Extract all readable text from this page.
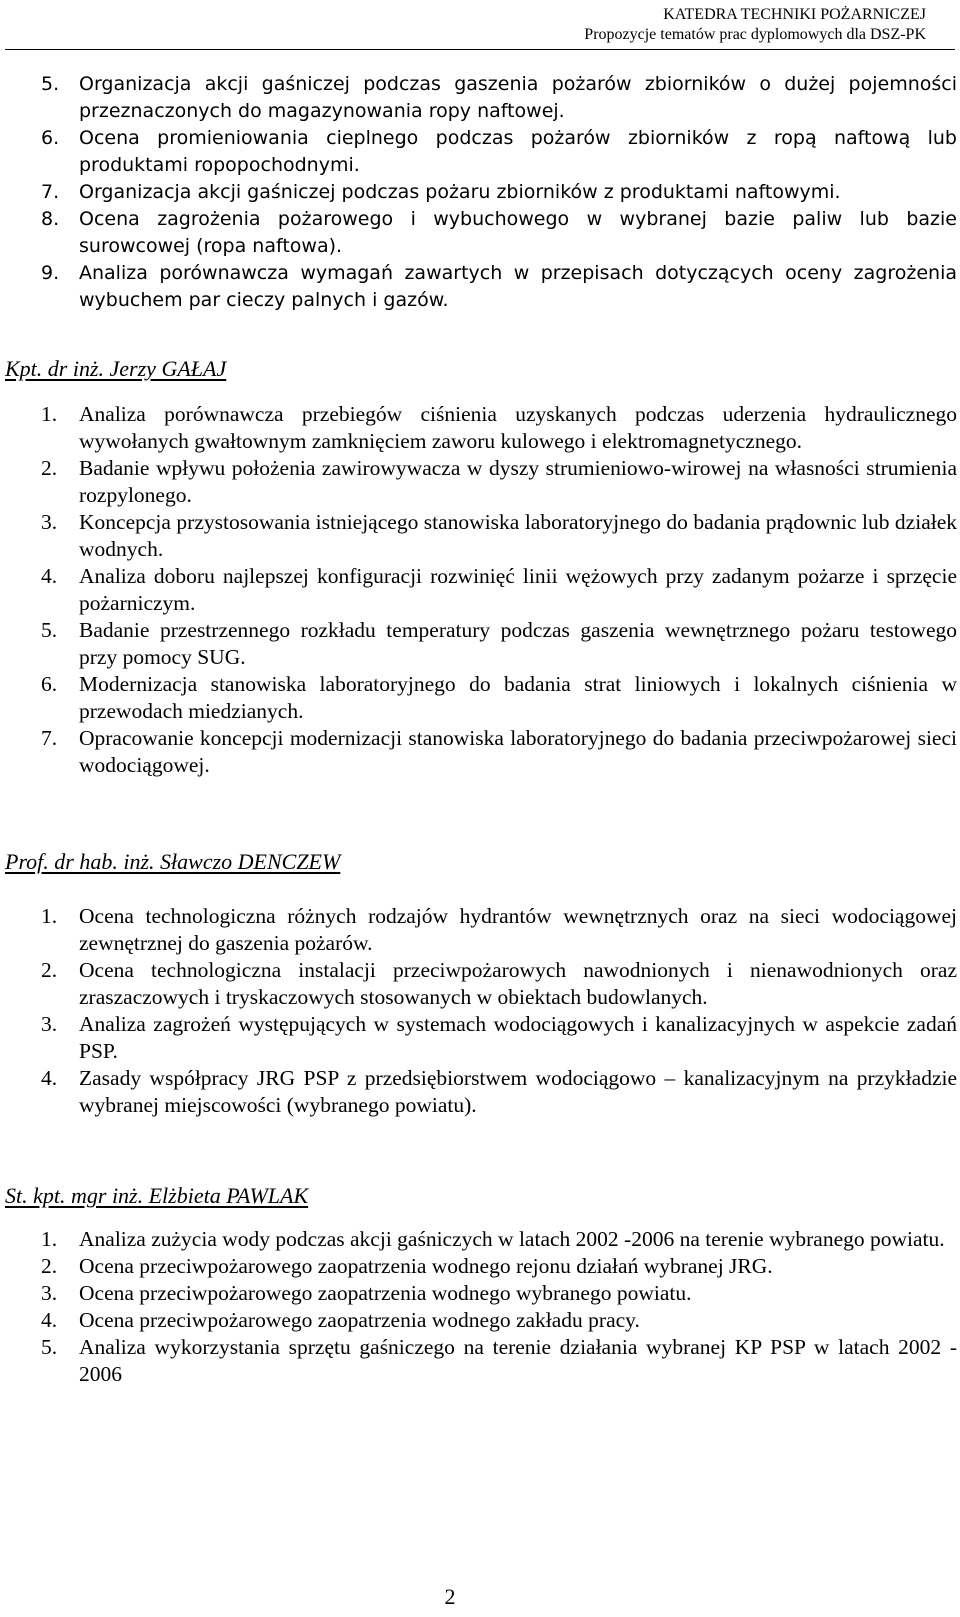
KATEDRA TECHNIKI POŻARNICZEJ
Propozycje tematów prac dyplomowych dla DSZ-PK
5. Organizacja akcji gaśniczej podczas gaszenia pożarów zbiorników o dużej pojemności przeznaczonych do magazynowania ropy naftowej.
6. Ocena promieniowania cieplnego podczas pożarów zbiorników z ropą naftową lub produktami ropopochodnymi.
7. Organizacja akcji gaśniczej podczas pożaru zbiorników z produktami naftowymi.
8. Ocena zagrożenia pożarowego i wybuchowego w wybranej bazie paliw lub bazie surowcowej (ropa naftowa).
9. Analiza porównawcza wymagań zawartych w przepisach dotyczących oceny zagrożenia wybuchem par cieczy palnych i gazów.
Kpt. dr inż. Jerzy GAŁAJ
1. Analiza porównawcza przebiegów ciśnienia uzyskanych podczas uderzenia hydraulicznego wywołanych gwałtownym zamknięciem zaworu kulowego i elektromagnetycznego.
2. Badanie wpływu położenia zawirowywacza w dyszy strumieniowo-wirowej na własności strumienia rozpylonego.
3. Koncepcja przystosowania istniejącego stanowiska laboratoryjnego do badania prądownic lub działek wodnych.
4. Analiza doboru najlepszej konfiguracji rozwinięć linii wężowych przy zadanym pożarze i sprzęcie pożarniczym.
5. Badanie przestrzennego rozkładu temperatury podczas gaszenia wewnętrznego pożaru testowego przy pomocy SUG.
6. Modernizacja stanowiska laboratoryjnego do badania strat liniowych i lokalnych ciśnienia w przewodach miedzianych.
7. Opracowanie koncepcji modernizacji stanowiska laboratoryjnego do badania przeciwpożarowej sieci wodociągowej.
Prof. dr hab. inż. Sławczo DENCZEW
1. Ocena technologiczna różnych rodzajów hydrantów wewnętrznych oraz na sieci wodociągowej zewnętrznej do gaszenia pożarów.
2. Ocena technologiczna instalacji przeciwpożarowych nawodnionych i nienawodnionych oraz zraszaczowych i tryskaczowych stosowanych w obiektach budowlanych.
3. Analiza zagrożeń występujących w systemach wodociągowych i kanalizacyjnych w aspekcie zadań PSP.
4. Zasady współpracy JRG PSP z przedsiębiorstwem wodociągowo – kanalizacyjnym na przykładzie wybranej miejscowości (wybranego powiatu).
St. kpt. mgr inż. Elżbieta PAWLAK
1. Analiza zużycia wody podczas akcji gaśniczych w latach 2002 -2006 na terenie wybranego powiatu.
2. Ocena przeciwpożarowego zaopatrzenia wodnego rejonu działań wybranej JRG.
3. Ocena przeciwpożarowego zaopatrzenia wodnego wybranego powiatu.
4. Ocena przeciwpożarowego zaopatrzenia wodnego zakładu pracy.
5. Analiza wykorzystania sprzętu gaśniczego na terenie działania wybranej KP PSP w latach 2002 - 2006
2
